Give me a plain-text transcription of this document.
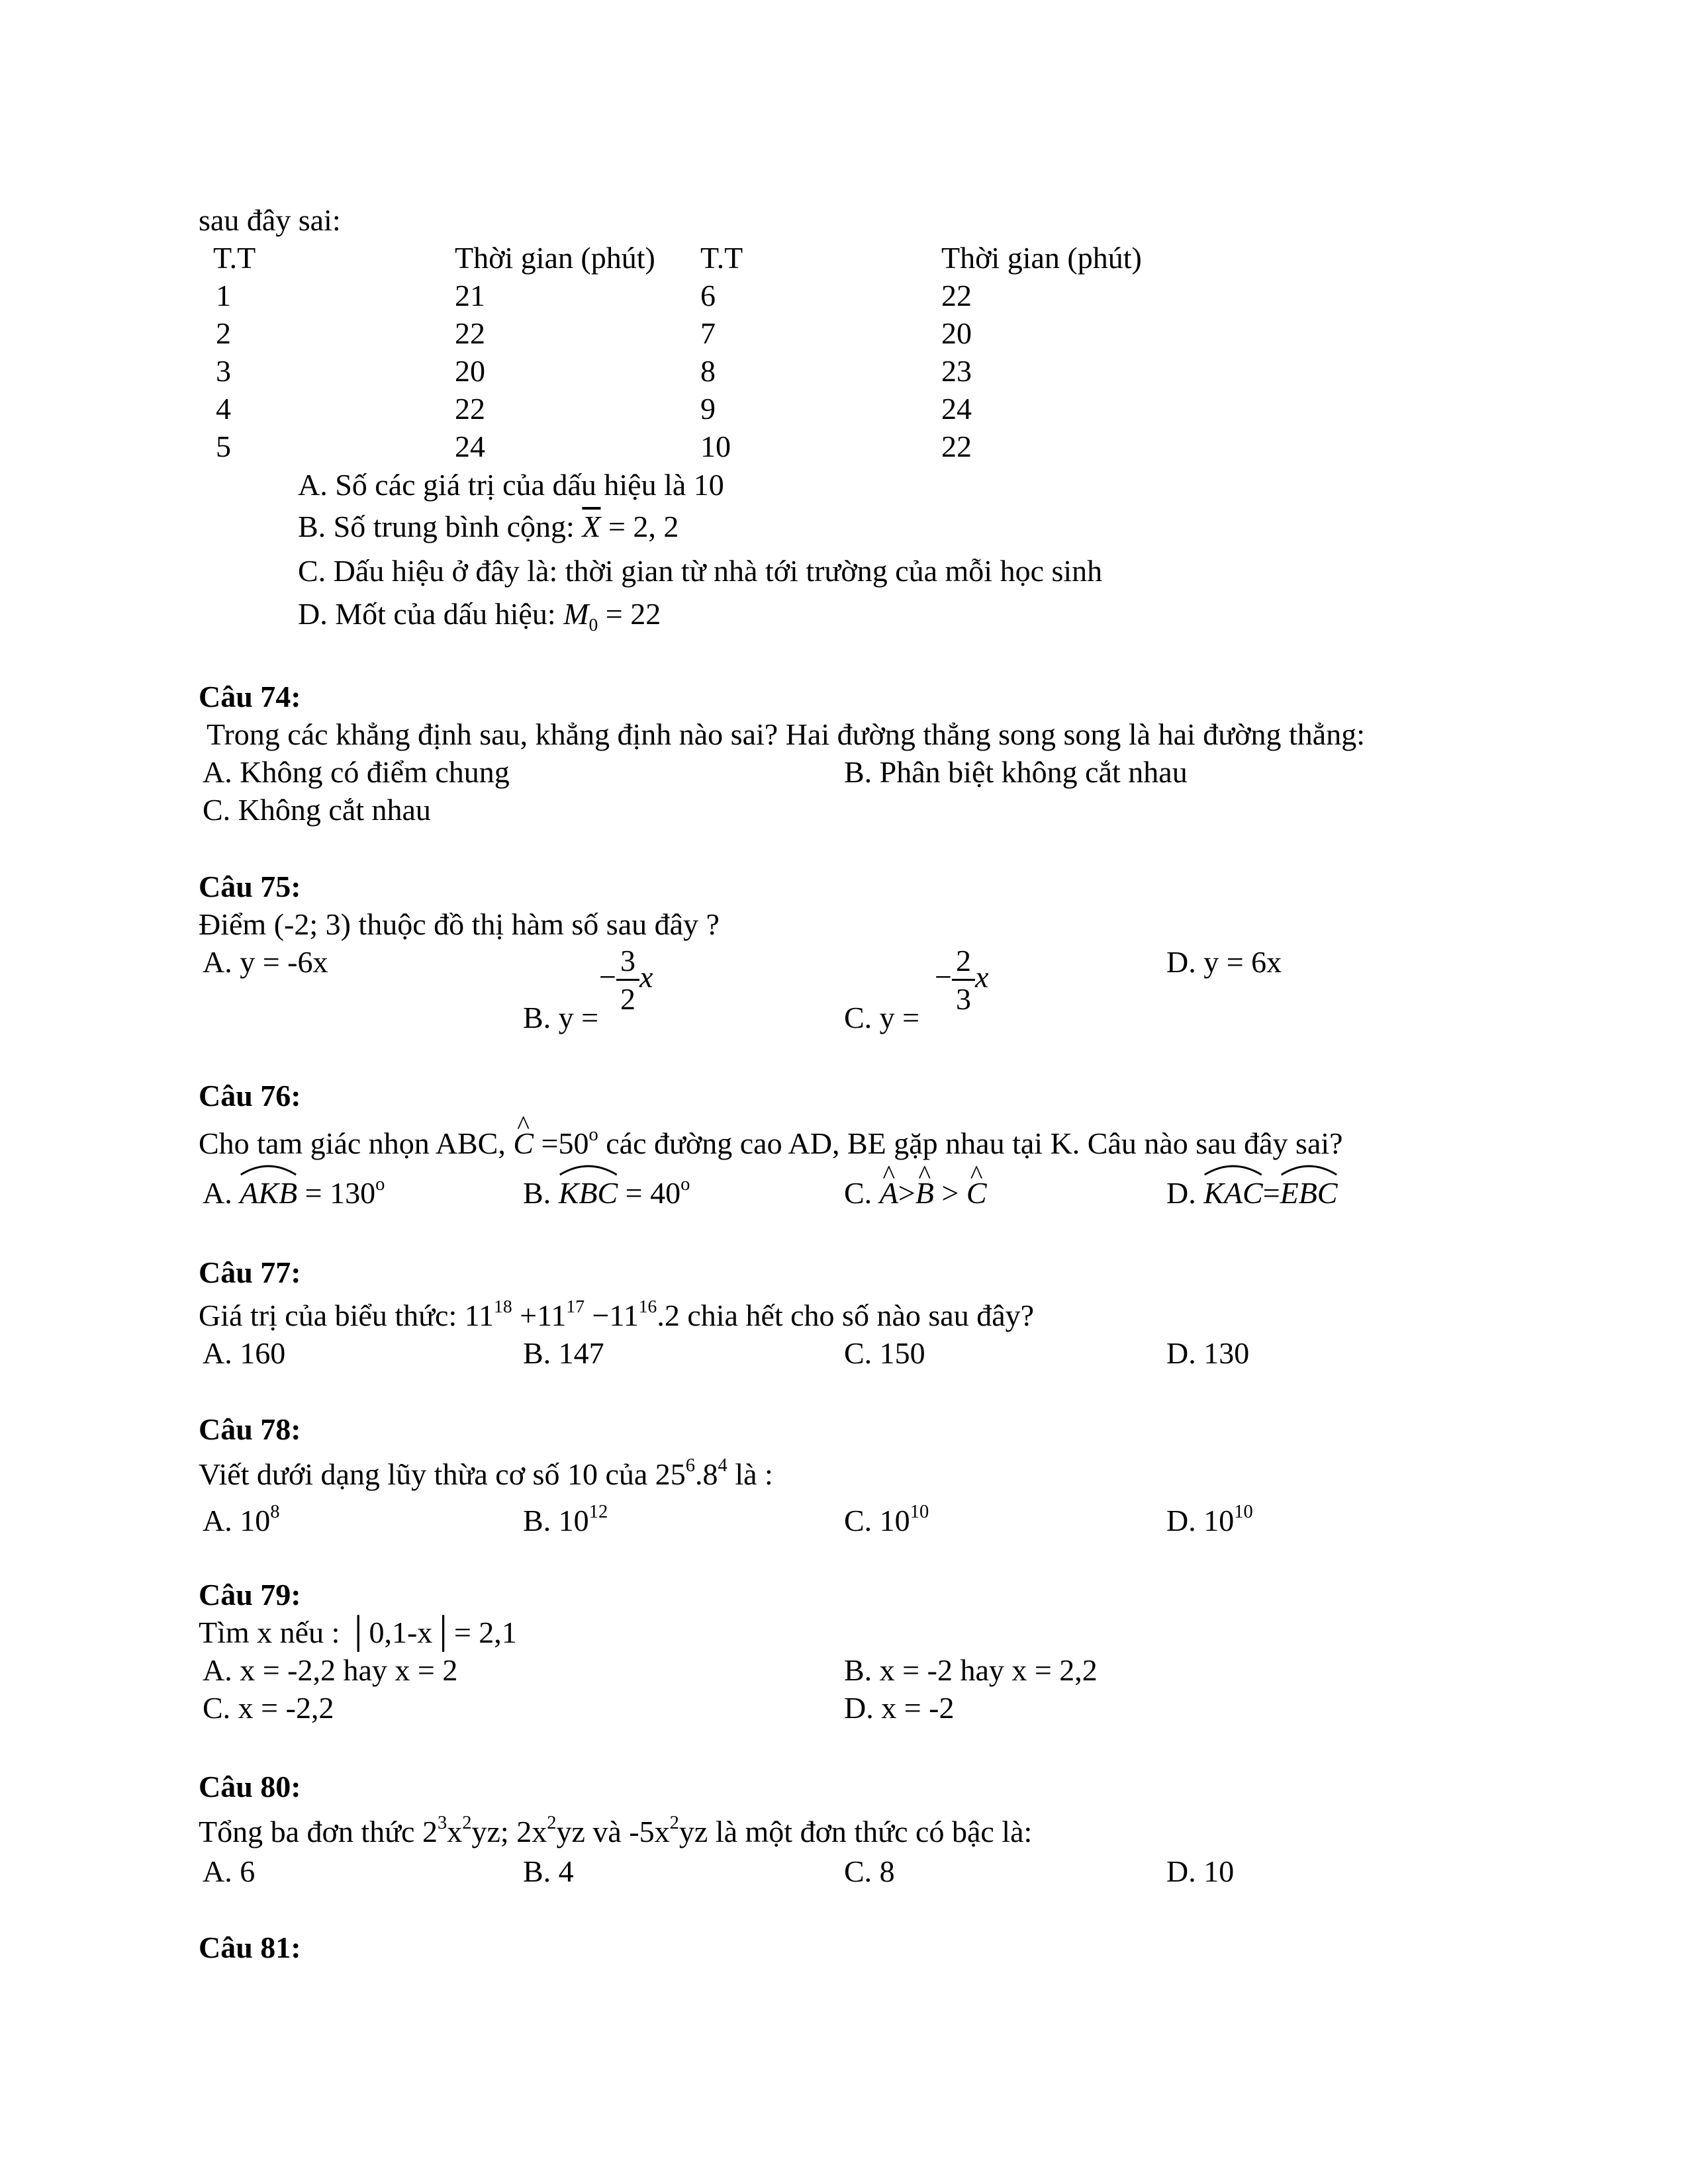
sau đây sai:
T.T	Thời gian (phút) T.T	Thời gian (phút)
1	21	6	22
2	22	7	20
3	20	8	23
4	22	9	24
5	24	10	22
A. Số các giá trị của dấu hiệu là 10
B. Số trung bình cộng: $\overline{X} = 2$, 2
C. Dấu hiệu ở đây là: thời gian từ nhà tới trường của mỗi học sinh
D. Mốt của dấu hiệu: $M_0 = 22$
Câu 74:
Trong các khẳng định sau, khẳng định nào sai? Hai đường thẳng song song là hai đường thẳng:
A. Không có điểm chung	B. Phân biệt không cắt nhau
C. Không cắt nhau
Câu 75:
Điểm (-2; 3) thuộc đồ thị hàm số sau đây ?
A. y = -6x
B. y =
− $\frac{3}{2}$ x
C. y =
− $\frac{2}{3}$ x	D. y = 6x
Câu 76:
Cho tam giác nhọn ABC, ^ $C =50^o$ các đường cao AD, BE gặp nhau tại K. Câu nào sau đây sai?
A. AKB = $130^o$	B. KBC = $40^o$	C. ^ A>^ B > ^ C	D. KAC=
EBC
Câu 77:
Giá trị của biểu thức: $11^{18} +11^{17} -11^{16}.2$ chia hết cho số nào sau đây?
A. 160	B. 147	C. 150	D. 130
Câu 78:
Viết dưới dạng lũy thừa cơ số 10 của $25^6.8^4$ là :
A. $10^8$	B. $10^{12}$	C. $10^{10}$	D. $10^{10}$
Câu 79:
Tìm x nếu : │0,1-x│= 2,1
A. x = -2,2 hay x = 2	B. x = -2 hay x = 2,2
C. x = -2,2	D. x = -2
Câu 80:
Tổng ba đơn thức $2^3x^2yz$; $2x^2yz$ và $-5x^2yz$ là một đơn thức có bậc là:
A. 6	B. 4	C. 8	D. 10
Câu 81:
